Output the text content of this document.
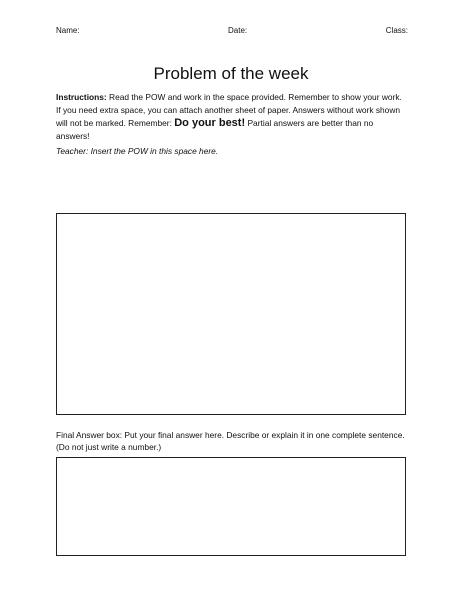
Name:	Date:	Class:
Problem of the week
Instructions: Read the POW and work in the space provided. Remember to show your work. If you need extra space, you can attach another sheet of paper. Answers without work shown will not be marked. Remember: Do your best! Partial answers are better than no answers!
Teacher: Insert the POW in this space here.
Final Answer box: Put your final answer here. Describe or explain it in one complete sentence. (Do not just write a number.)
